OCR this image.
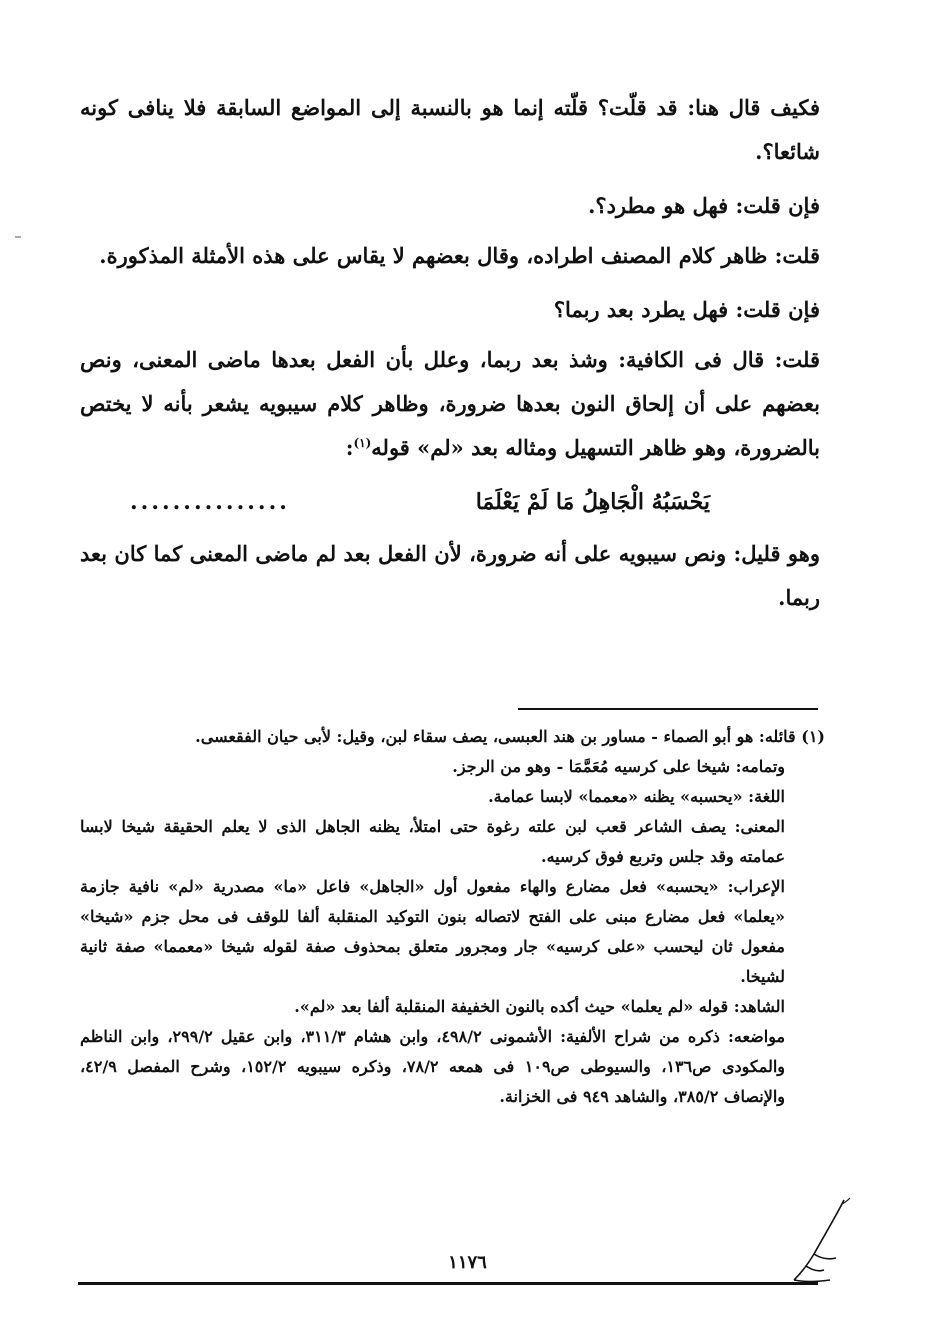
فكيف قال هنا: قد قلّت؟ قلّته إنما هو بالنسبة إلى المواضع السابقة فلا ينافى كونه شائعا؟.

فإن قلت: فهل هو مطرد؟.

قلت: ظاهر كلام المصنف اطراده، وقال بعضهم لا يقاس على هذه الأمثلة المذكورة.

فإن قلت: فهل يطرد بعد ربما؟

قلت: قال فى الكافية: وشذ بعد ربما، وعلل بأن الفعل بعدها ماضى المعنى، ونص بعضهم على أن إلحاق النون بعدها ضرورة، وظاهر كلام سيبويه يشعر بأنه لا يختص بالضرورة، وهو ظاهر التسهيل ومثاله بعد «لم» قوله$^{(١)}$:

يَحْسَبُهُ الْجَاهِلُ مَا لَمْ يَعْلَمَا
...............

وهو قليل: ونص سيبويه على أنه ضرورة، لأن الفعل بعد لم ماضى المعنى كما كان بعد ربما.

(١) قائله: هو أبو الصماء - مساور بن هند العبسى، يصف سقاء لبن، وقيل: لأبى حيان الفقعسى.

وتمامه: شيخا على كرسيه مُعَمَّمَا - وهو من الرجز.

اللغة: «يحسبه» يظنه «معمما» لابسا عمامة.

المعنى: يصف الشاعر قعب لبن علته رغوة حتى امتلأ، يظنه الجاهل الذى لا يعلم الحقيقة شيخا لابسا عمامته وقد جلس وتربع فوق كرسيه.

الإعراب: «يحسبه» فعل مضارع والهاء مفعول أول «الجاهل» فاعل «ما» مصدرية «لم» نافية جازمة «يعلما» فعل مضارع مبنى على الفتح لاتصاله بنون التوكيد المنقلبة ألفا للوقف فى محل جزم «شيخا» مفعول ثان ليحسب «على كرسيه» جار ومجرور متعلق بمحذوف صفة لقوله شيخا «معمما» صفة ثانية لشيخا.

الشاهد: قوله «لم يعلما» حيث أكده بالنون الخفيفة المنقلبة ألفا بعد «لم».

مواضعه: ذكره من شراح الألفية: الأشمونى ٤٩٨/٢، وابن هشام ٣١١/٣، وابن عقيل ٢٩٩/٢، وابن الناظم والمكودى ص١٣٦، والسيوطى ص١٠٩ فى همعه ٧٨/٢، وذكره سيبويه ١٥٢/٢، وشرح المفصل ٤٢/٩، والإنصاف ٣٨٥/٢، والشاهد ٩٤٩ فى الخزانة.

١١٧٦
